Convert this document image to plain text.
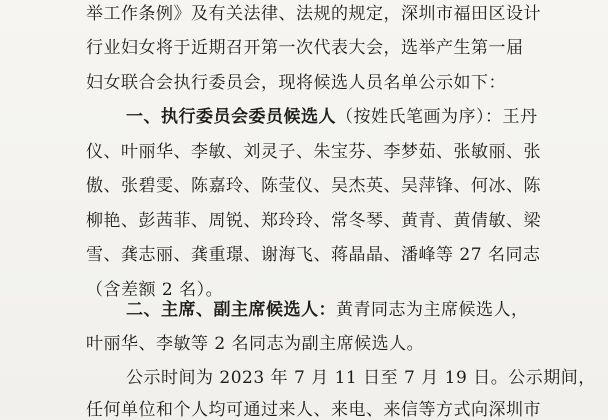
举工作条例》及有关法律、法规的规定，深圳市福田区设计
行业妇女将于近期召开第一次代表大会，选举产生第一届
妇女联合会执行委员会，现将候选人员名单公示如下：
一、执行委员会委员候选人（按姓氏笔画为序）：王丹
仪、叶丽华、李敏、刘灵子、朱宝芬、李梦茹、张敏丽、张
傲、张碧雯、陈嘉玲、陈莹仪、吴杰英、吴萍锋、何冰、陈
柳艳、彭茜菲、周锐、郑玲玲、常冬琴、黄青、黄倩敏、梁
雪、龚志丽、龚重璟、谢海飞、蒋晶晶、潘峰等 27 名同志
（含差额 2 名）。
二、主席、副主席候选人：黄青同志为主席候选人，
叶丽华、李敏等 2 名同志为副主席候选人。
公示时间为 2023 年 7 月 11 日至 7 月 19 日。公示期间，
任何单位和个人均可通过来人、来电、来信等方式向深圳市
